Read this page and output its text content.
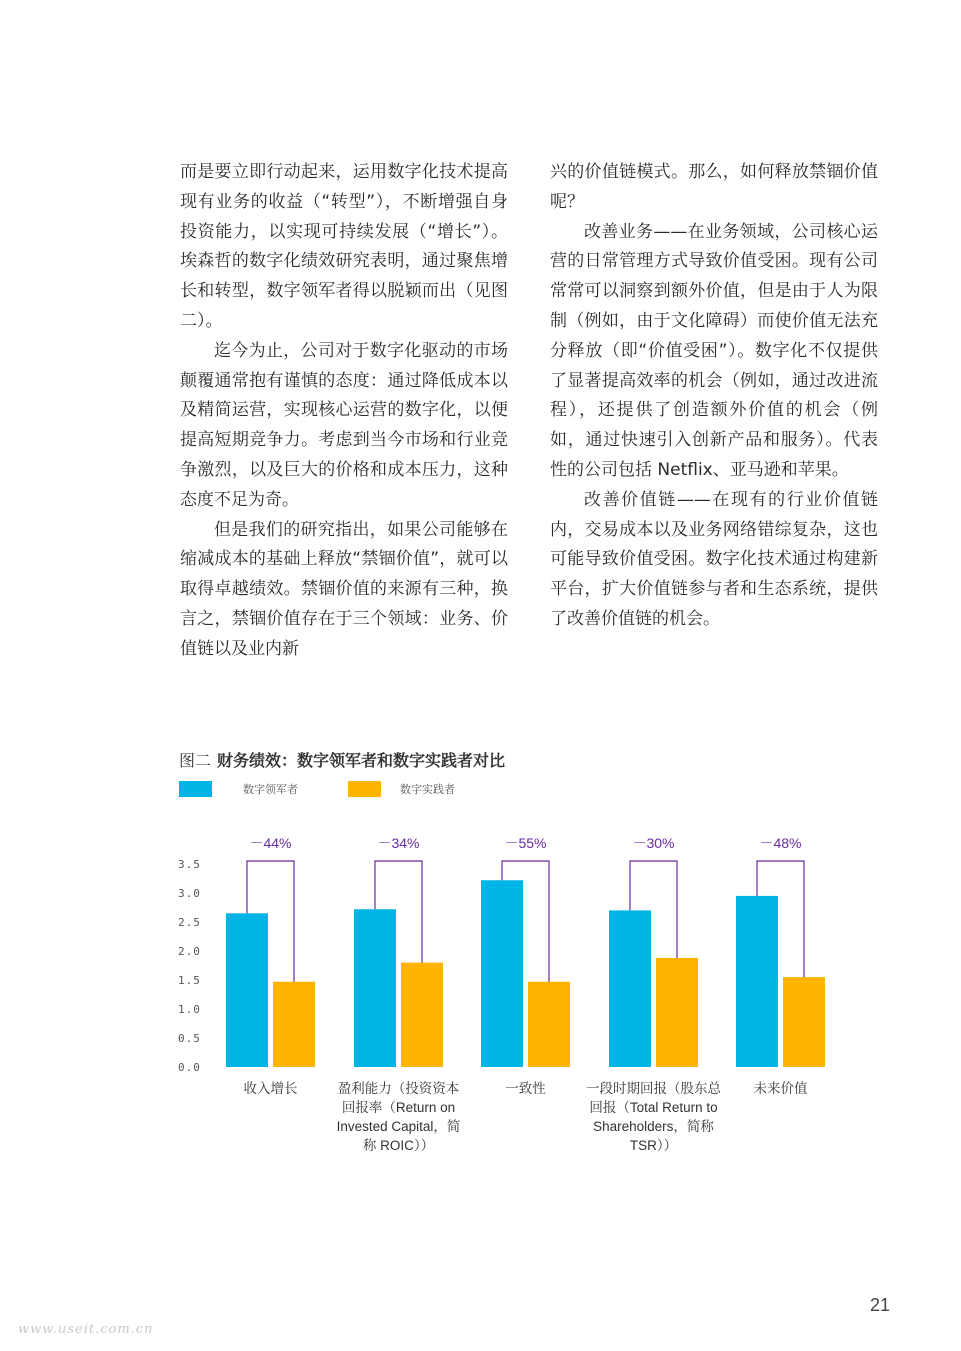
而是要立即行动起来，运用数字化技术提高现有业务的收益（“转型”），不断增强自身投资能力，以实现可持续发展（“增长”）。埃森哲的数字化绩效研究表明，通过聚焦增长和转型，数字领军者得以脱颖而出（见图二）。

迄今为止，公司对于数字化驱动的市场颠覆通常抱有谨慎的态度：通过降低成本以及精简运营，实现核心运营的数字化，以便提高短期竞争力。考虑到当今市场和行业竞争激烈，以及巨大的价格和成本压力，这种态度不足为奇。

但是我们的研究指出，如果公司能够在缩减成本的基础上释放“禁锢价值”，就可以取得卓越绩效。禁锢价值的来源有三种，换言之，禁锢价值存在于三个领域：业务、价值链以及业内新

兴的价值链模式。那么，如何释放禁锢价值呢？

改善业务——在业务领域，公司核心运营的日常管理方式导致价值受困。现有公司常常可以洞察到额外价值，但是由于人为限制（例如，由于文化障碍）而使价值无法充分释放（即“价值受困”）。数字化不仅提供了显著提高效率的机会（例如，通过改进流程），还提供了创造额外价值的机会（例如，通过快速引入创新产品和服务）。代表性的公司包括 Netflix、亚马逊和苹果。

改善价值链——在现有的行业价值链内，交易成本以及业务网络错综复杂，这也可能导致价值受困。数字化技术通过构建新平台，扩大价值链参与者和生态系统，提供了改善价值链的机会。

图二 财务绩效：数字领军者和数字实践者对比
数字领军者	数字实践者
3.5
3.0
2.5
2.0
1.5
1.0
0.5
0.0
－44%	－34%	－55%	－30%	－48%
收入增长	盈利能力（投资资本
回报率（Return on
Invested Capital，简
称 ROIC））
一致性	一段时期回报（股东总
回报（Total Return to
Shareholders，简称
TSR））
未来价值
21
www.useit.com.cn
